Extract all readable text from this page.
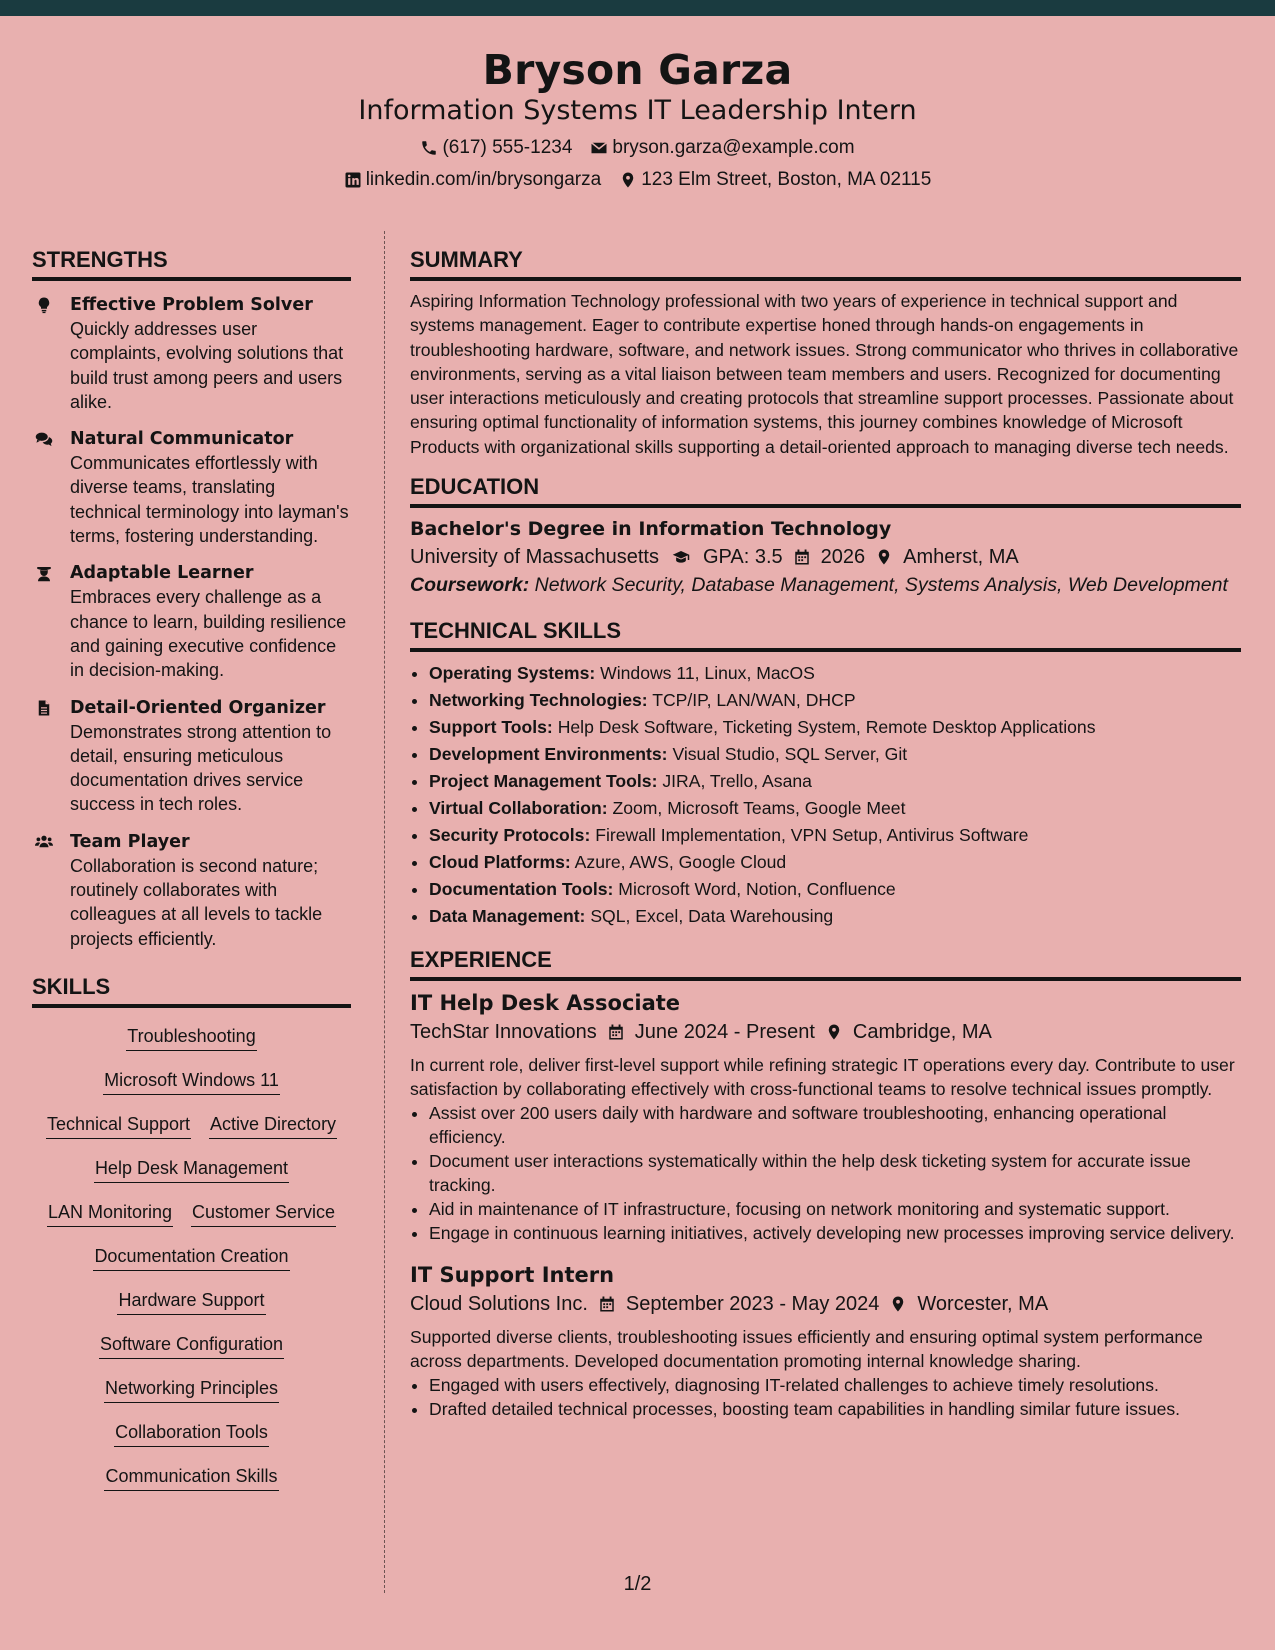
Bryson Garza
Information Systems IT Leadership Intern
(617) 555-1234 bryson.garza@example.com
linkedin.com/in/brysongarza 123 Elm Street, Boston, MA 02115
STRENGTHS
Effective Problem Solver
Quickly addresses user complaints, evolving solutions that build trust among peers and users alike.
Natural Communicator
Communicates effortlessly with diverse teams, translating technical terminology into layman's terms, fostering understanding.
Adaptable Learner
Embraces every challenge as a chance to learn, building resilience and gaining executive confidence in decision-making.
Detail-Oriented Organizer
Demonstrates strong attention to detail, ensuring meticulous documentation drives service success in tech roles.
Team Player
Collaboration is second nature; routinely collaborates with colleagues at all levels to tackle projects efficiently.
SKILLS
Troubleshooting
Microsoft Windows 11
Technical Support Active Directory
Help Desk Management
LAN Monitoring Customer Service
Documentation Creation
Hardware Support
Software Configuration
Networking Principles
Collaboration Tools
Communication Skills
SUMMARY
Aspiring Information Technology professional with two years of experience in technical support and systems management. Eager to contribute expertise honed through hands-on engagements in troubleshooting hardware, software, and network issues. Strong communicator who thrives in collaborative environments, serving as a vital liaison between team members and users. Recognized for documenting user interactions meticulously and creating protocols that streamline support processes. Passionate about ensuring optimal functionality of information systems, this journey combines knowledge of Microsoft Products with organizational skills supporting a detail-oriented approach to managing diverse tech needs.
EDUCATION
Bachelor's Degree in Information Technology
University of Massachusetts GPA: 3.5 2026 Amherst, MA
Coursework: Network Security, Database Management, Systems Analysis, Web Development
TECHNICAL SKILLS
• Operating Systems: Windows 11, Linux, MacOS
• Networking Technologies: TCP/IP, LAN/WAN, DHCP
• Support Tools: Help Desk Software, Ticketing System, Remote Desktop Applications
• Development Environments: Visual Studio, SQL Server, Git
• Project Management Tools: JIRA, Trello, Asana
• Virtual Collaboration: Zoom, Microsoft Teams, Google Meet
• Security Protocols: Firewall Implementation, VPN Setup, Antivirus Software
• Cloud Platforms: Azure, AWS, Google Cloud
• Documentation Tools: Microsoft Word, Notion, Confluence
• Data Management: SQL, Excel, Data Warehousing
EXPERIENCE
IT Help Desk Associate
TechStar Innovations June 2024 - Present Cambridge, MA
In current role, deliver first-level support while refining strategic IT operations every day. Contribute to user satisfaction by collaborating effectively with cross-functional teams to resolve technical issues promptly.
• Assist over 200 users daily with hardware and software troubleshooting, enhancing operational efficiency.
• Document user interactions systematically within the help desk ticketing system for accurate issue tracking.
• Aid in maintenance of IT infrastructure, focusing on network monitoring and systematic support.
• Engage in continuous learning initiatives, actively developing new processes improving service delivery.
IT Support Intern
Cloud Solutions Inc. September 2023 - May 2024 Worcester, MA
Supported diverse clients, troubleshooting issues efficiently and ensuring optimal system performance across departments. Developed documentation promoting internal knowledge sharing.
• Engaged with users effectively, diagnosing IT-related challenges to achieve timely resolutions.
• Drafted detailed technical processes, boosting team capabilities in handling similar future issues.
1/2
